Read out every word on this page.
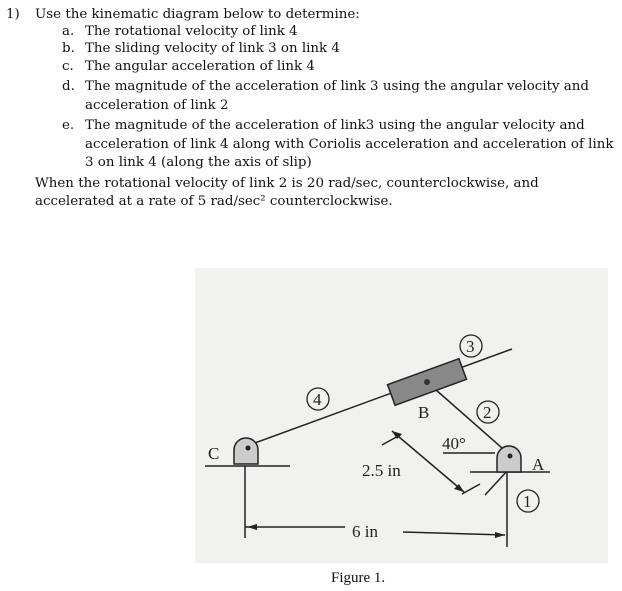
1) Use the kinematic diagram below to determine:
a. The rotational velocity of link 4
b. The sliding velocity of link 3 on link 4
c. The angular acceleration of link 4
d. The magnitude of the acceleration of link 3 using the angular velocity and
acceleration of link 2
e. The magnitude of the acceleration of link3 using the angular velocity and
acceleration of link 4 along with Coriolis acceleration and acceleration of link
3 on link 4 (along the axis of slip)
When the rotational velocity of link 2 is 20 rad/sec, counterclockwise, and
accelerated at a rate of 5 rad/sec² counterclockwise.
3
4
2
1
C
A
B
40°
2.5 in
6 in
Figure 1.
